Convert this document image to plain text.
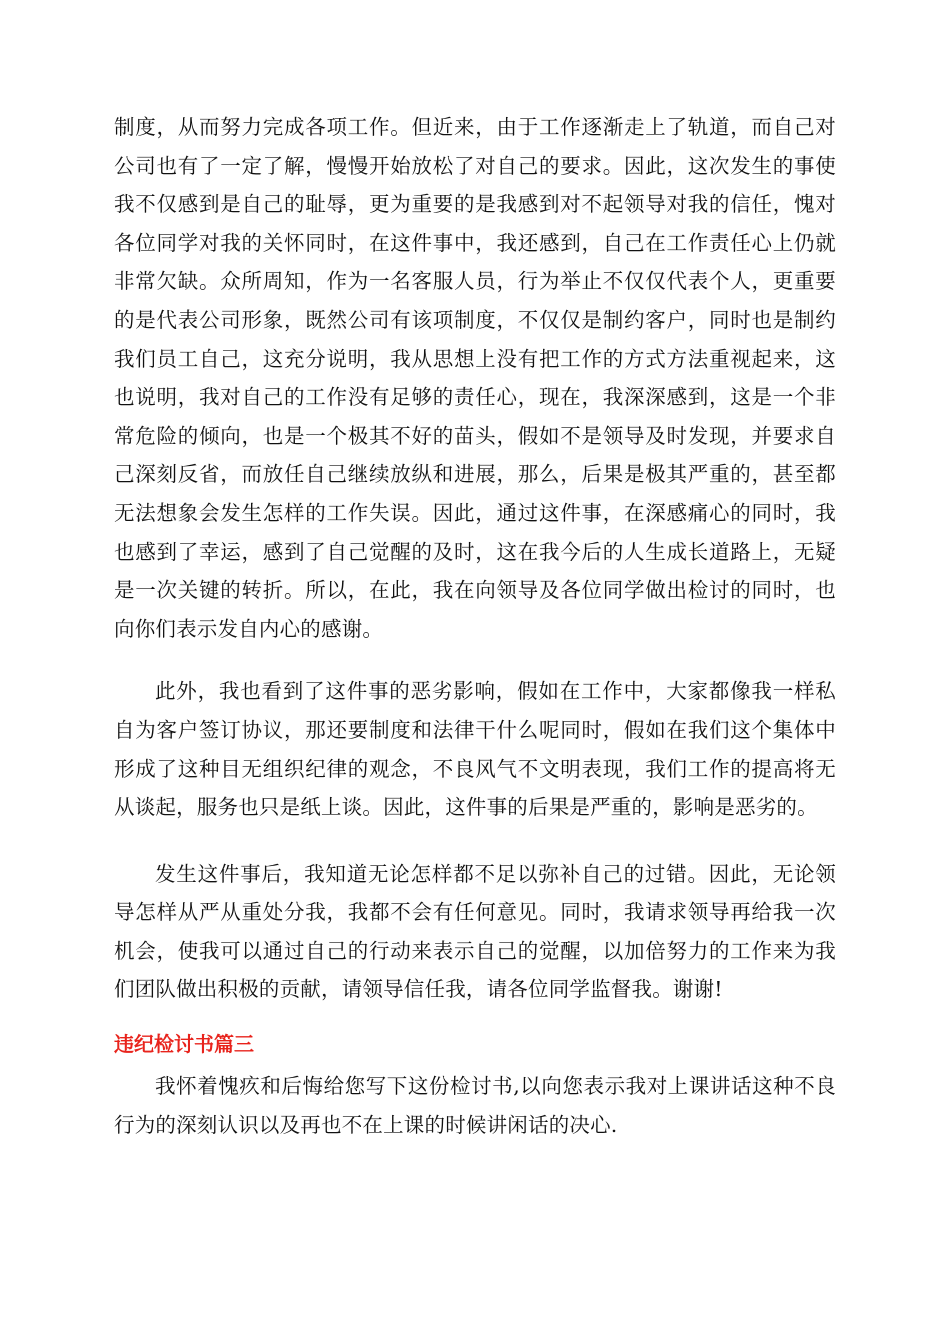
制度，从而努力完成各项工作。但近来，由于工作逐渐走上了轨道，而自己对公司也有了一定了解，慢慢开始放松了对自己的要求。因此，这次发生的事使我不仅感到是自己的耻辱，更为重要的是我感到对不起领导对我的信任，愧对各位同学对我的关怀同时，在这件事中，我还感到，自己在工作责任心上仍就非常欠缺。众所周知，作为一名客服人员，行为举止不仅仅代表个人，更重要的是代表公司形象，既然公司有该项制度，不仅仅是制约客户，同时也是制约我们员工自己，这充分说明，我从思想上没有把工作的方式方法重视起来，这也说明，我对自己的工作没有足够的责任心，现在，我深深感到，这是一个非常危险的倾向，也是一个极其不好的苗头，假如不是领导及时发现，并要求自己深刻反省，而放任自己继续放纵和进展，那么，后果是极其严重的，甚至都无法想象会发生怎样的工作失误。因此，通过这件事，在深感痛心的同时，我也感到了幸运，感到了自己觉醒的及时，这在我今后的人生成长道路上，无疑是一次关键的转折。所以，在此，我在向领导及各位同学做出检讨的同时，也向你们表示发自内心的感谢。

此外，我也看到了这件事的恶劣影响，假如在工作中，大家都像我一样私自为客户签订协议，那还要制度和法律干什么呢同时，假如在我们这个集体中形成了这种目无组织纪律的观念，不良风气不文明表现，我们工作的提高将无从谈起，服务也只是纸上谈。因此，这件事的后果是严重的，影响是恶劣的。

发生这件事后，我知道无论怎样都不足以弥补自己的过错。因此，无论领导怎样从严从重处分我，我都不会有任何意见。同时，我请求领导再给我一次机会，使我可以通过自己的行动来表示自己的觉醒，以加倍努力的工作来为我们团队做出积极的贡献，请领导信任我，请各位同学监督我。谢谢!

违纪检讨书篇三

我怀着愧疚和后悔给您写下这份检讨书,以向您表示我对上课讲话这种不良行为的深刻认识以及再也不在上课的时候讲闲话的决心.
